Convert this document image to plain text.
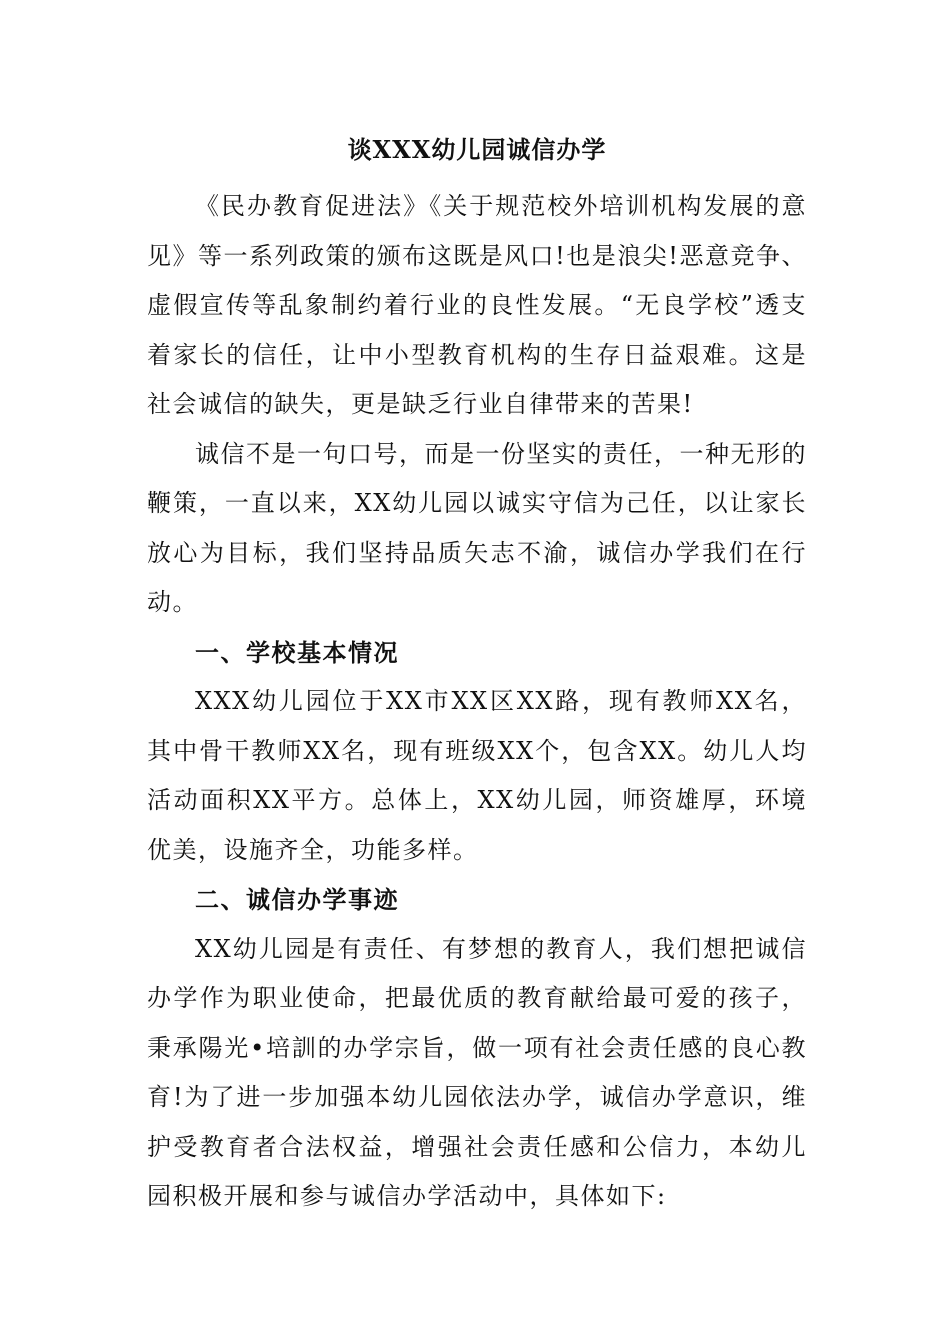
谈XXX幼儿园诚信办学

《民办教育促进法》《关于规范校外培训机构发展的意见》等一系列政策的颁布这既是风口!也是浪尖!恶意竞争、虚假宣传等乱象制约着行业的良性发展。“无良学校”透支着家长的信任，让中小型教育机构的生存日益艰难。这是社会诚信的缺失，更是缺乏行业自律带来的苦果!

诚信不是一句口号，而是一份坚实的责任，一种无形的鞭策，一直以来，XX幼儿园以诚实守信为己任，以让家长放心为目标，我们坚持品质矢志不渝，诚信办学我们在行动。

一、学校基本情况

XXX幼儿园位于XX市XX区XX路，现有教师XX名，其中骨干教师XX名，现有班级XX个，包含XX。幼儿人均活动面积XX平方。总体上，XX幼儿园，师资雄厚，环境优美，设施齐全，功能多样。

二、诚信办学事迹

XX幼儿园是有责任、有梦想的教育人，我们想把诚信办学作为职业使命，把最优质的教育献给最可爱的孩子，秉承陽光•培訓的办学宗旨，做一项有社会责任感的良心教育!为了进一步加强本幼儿园依法办学，诚信办学意识，维护受教育者合法权益，增强社会责任感和公信力，本幼儿园积极开展和参与诚信办学活动中，具体如下:
